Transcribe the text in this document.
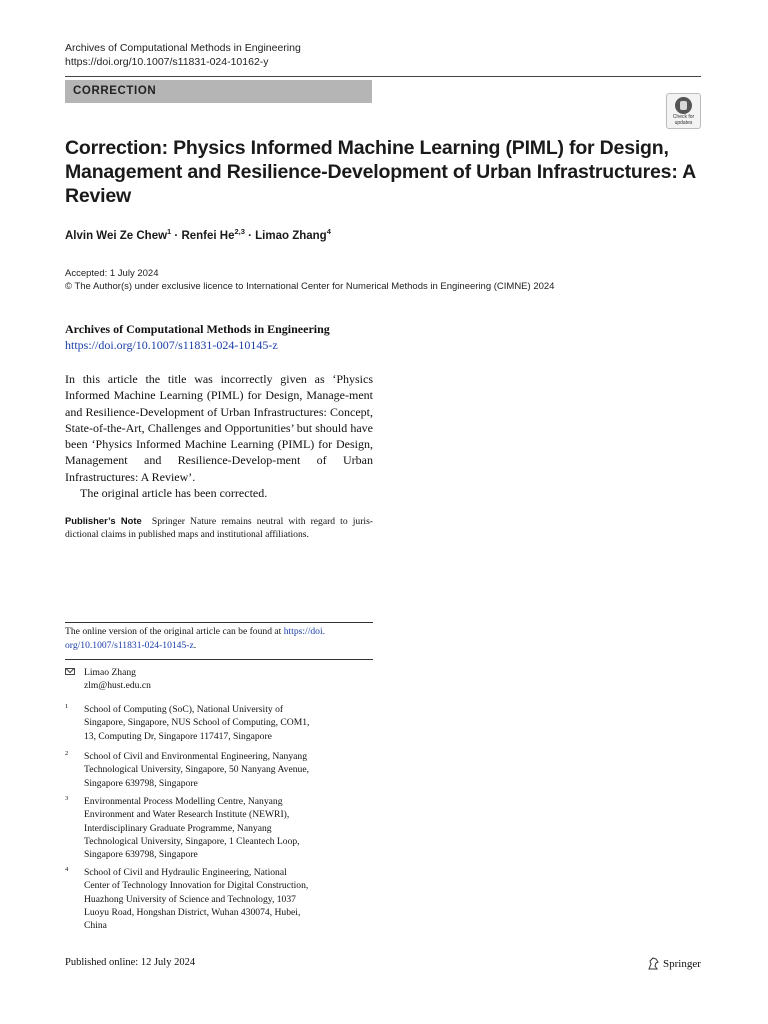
Archives of Computational Methods in Engineering
https://doi.org/10.1007/s11831-024-10162-y
CORRECTION
Check for
updates
Correction: Physics Informed Machine Learning (PIML) for Design, Management and Resilience-Development of Urban Infrastructures: A Review
Alvin Wei Ze Chew$^1$ · Renfei He$^{2,3}$ · Limao Zhang$^4$
Accepted: 1 July 2024
© The Author(s) under exclusive licence to International Center for Numerical Methods in Engineering (CIMNE) 2024
Archives of Computational Methods in Engineering
https://doi.org/10.1007/s11831-024-10145-z

In this article the title was incorrectly given as ‘Physics Informed Machine Learning (PIML) for Design, Manage-ment and Resilience-Development of Urban Infrastructures: Concept, State-of-the-Art, Challenges and Opportunities’ but should have been ‘Physics Informed Machine Learning (PIML) for Design, Management and Resilience-Develop-ment of Urban Infrastructures: A Review’.

The original article has been corrected.

Publisher’s Note Springer Nature remains neutral with regard to juris-dictional claims in published maps and institutional affiliations.
The online version of the original article can be found at https://doi.
org/10.1007/s11831-024-10145-z.
Limao Zhang
zlm@hust.edu.cn
1 School of Computing (SoC), National University of
Singapore, Singapore, NUS School of Computing, COM1,
13, Computing Dr, Singapore 117417, Singapore
2 School of Civil and Environmental Engineering, Nanyang
Technological University, Singapore, 50 Nanyang Avenue,
Singapore 639798, Singapore
3 Environmental Process Modelling Centre, Nanyang
Environment and Water Research Institute (NEWRI),
Interdisciplinary Graduate Programme, Nanyang
Technological University, Singapore, 1 Cleantech Loop,
Singapore 639798, Singapore
4 School of Civil and Hydraulic Engineering, National
Center of Technology Innovation for Digital Construction,
Huazhong University of Science and Technology, 1037
Luoyu Road, Hongshan District, Wuhan 430074, Hubei,
China
Published online: 12 July 2024	Springer
